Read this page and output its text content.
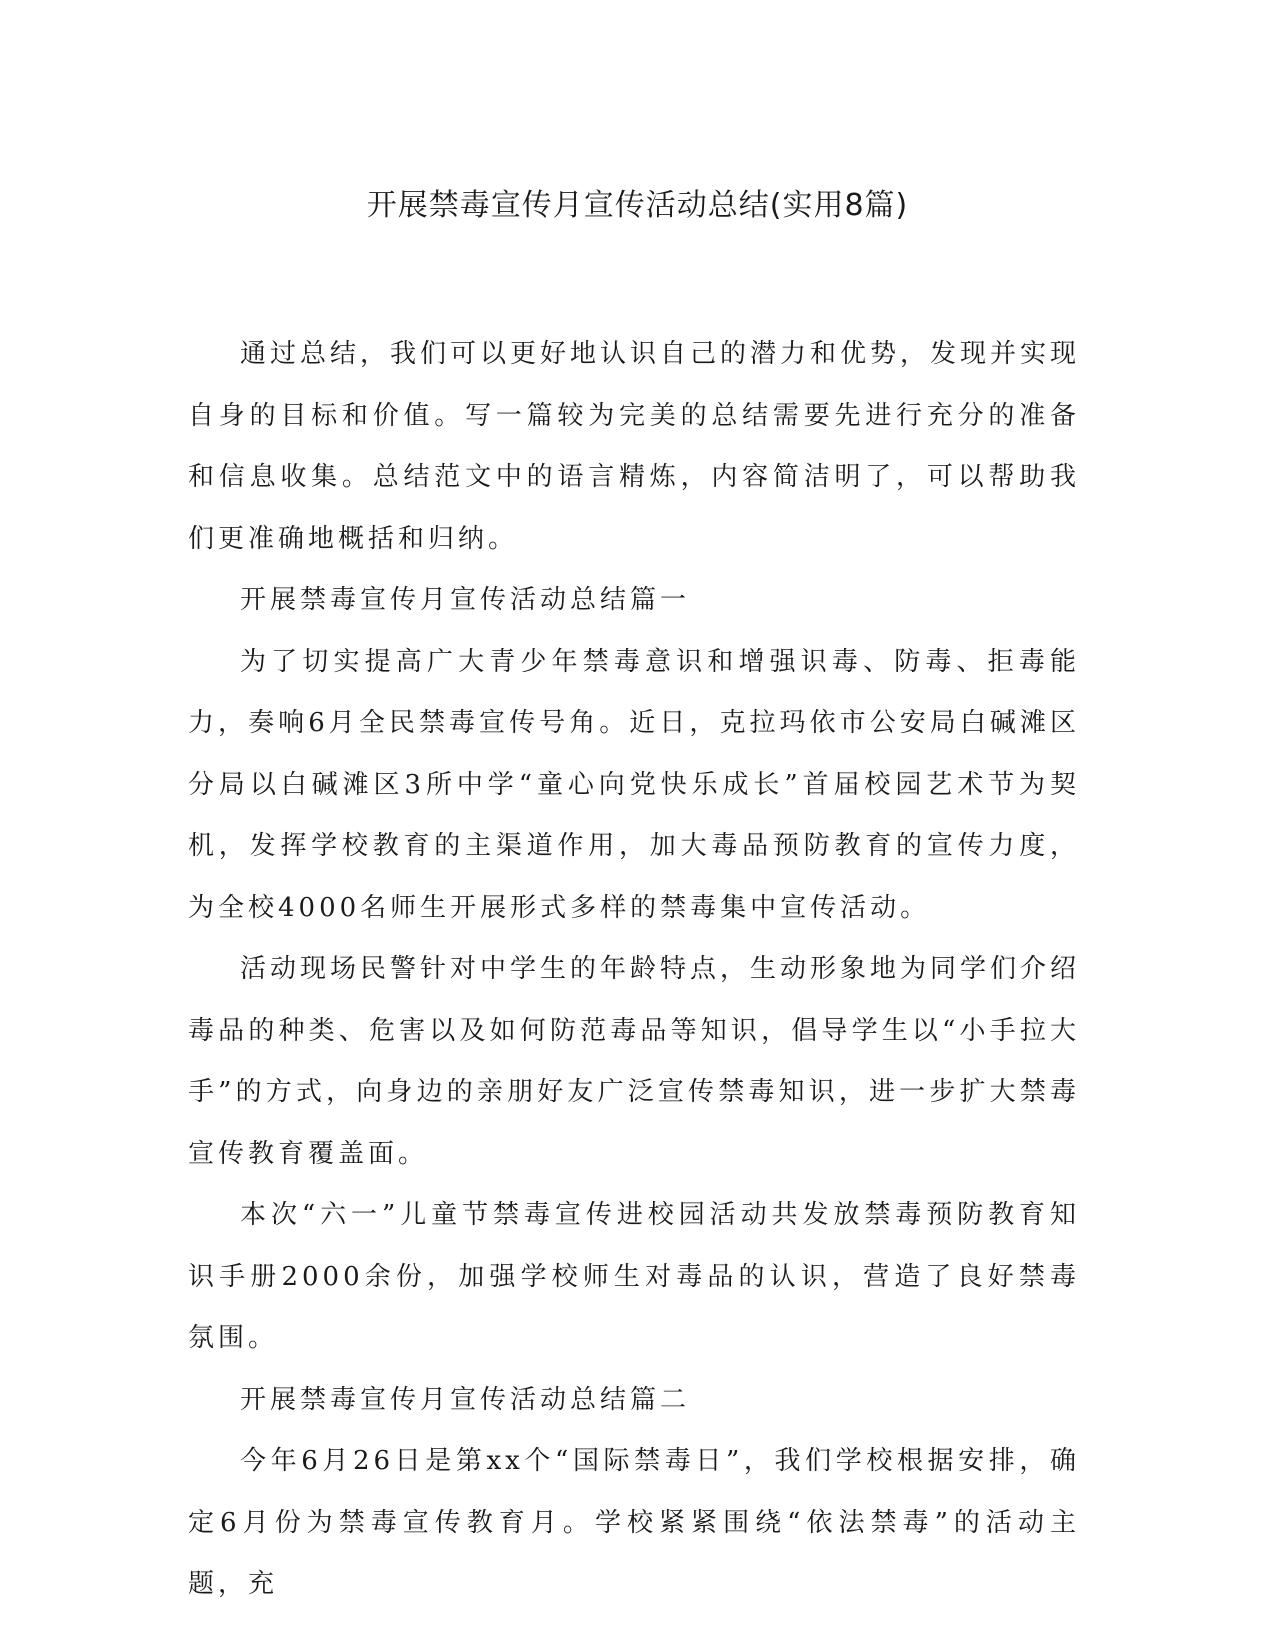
开展禁毒宣传月宣传活动总结(实用8篇)

通过总结，我们可以更好地认识自己的潜力和优势，发现并实现自身的目标和价值。写一篇较为完美的总结需要先进行充分的准备和信息收集。总结范文中的语言精炼，内容简洁明了，可以帮助我们更准确地概括和归纳。

开展禁毒宣传月宣传活动总结篇一

为了切实提高广大青少年禁毒意识和增强识毒、防毒、拒毒能力，奏响6月全民禁毒宣传号角。近日，克拉玛依市公安局白碱滩区分局以白碱滩区3所中学“童心向党快乐成长”首届校园艺术节为契机，发挥学校教育的主渠道作用，加大毒品预防教育的宣传力度，为全校4000名师生开展形式多样的禁毒集中宣传活动。

活动现场民警针对中学生的年龄特点，生动形象地为同学们介绍毒品的种类、危害以及如何防范毒品等知识，倡导学生以“小手拉大手”的方式，向身边的亲朋好友广泛宣传禁毒知识，进一步扩大禁毒宣传教育覆盖面。

本次“六一”儿童节禁毒宣传进校园活动共发放禁毒预防教育知识手册2000余份，加强学校师生对毒品的认识，营造了良好禁毒氛围。

开展禁毒宣传月宣传活动总结篇二

今年6月26日是第xx个“国际禁毒日”，我们学校根据安排，确定6月份为禁毒宣传教育月。学校紧紧围绕“依法禁毒”的活动主题，充
